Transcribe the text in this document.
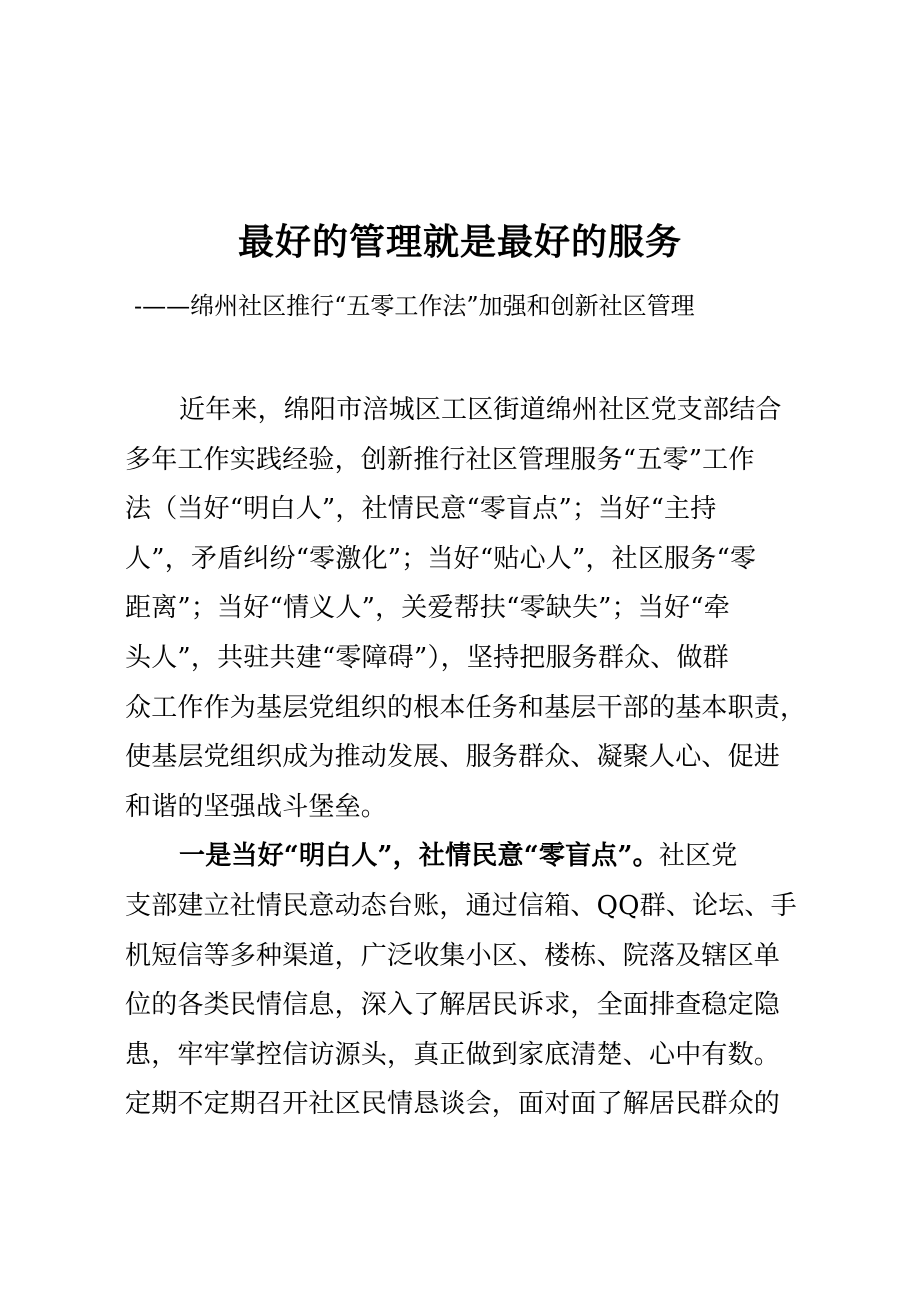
最好的管理就是最好的服务
-——绵州社区推行“五零工作法”加强和创新社区管理
近年来，绵阳市涪城区工区街道绵州社区党支部结合
多年工作实践经验，创新推行社区管理服务“五零”工作
法（当好“明白人”，社情民意“零盲点”；当好“主持
人”，矛盾纠纷“零激化”；当好“贴心人”，社区服务“零
距离”；当好“情义人”，关爱帮扶“零缺失”；当好“牵
头人”，共驻共建“零障碍”），坚持把服务群众、做群
众工作作为基层党组织的根本任务和基层干部的基本职责，
使基层党组织成为推动发展、服务群众、凝聚人心、促进
和谐的坚强战斗堡垒。
一是当好“明白人”，社情民意“零盲点”。社区党
支部建立社情民意动态台账，通过信箱、QQ群、论坛、手
机短信等多种渠道，广泛收集小区、楼栋、院落及辖区单
位的各类民情信息，深入了解居民诉求，全面排查稳定隐
患，牢牢掌控信访源头，真正做到家底清楚、心中有数。
定期不定期召开社区民情恳谈会，面对面了解居民群众的
